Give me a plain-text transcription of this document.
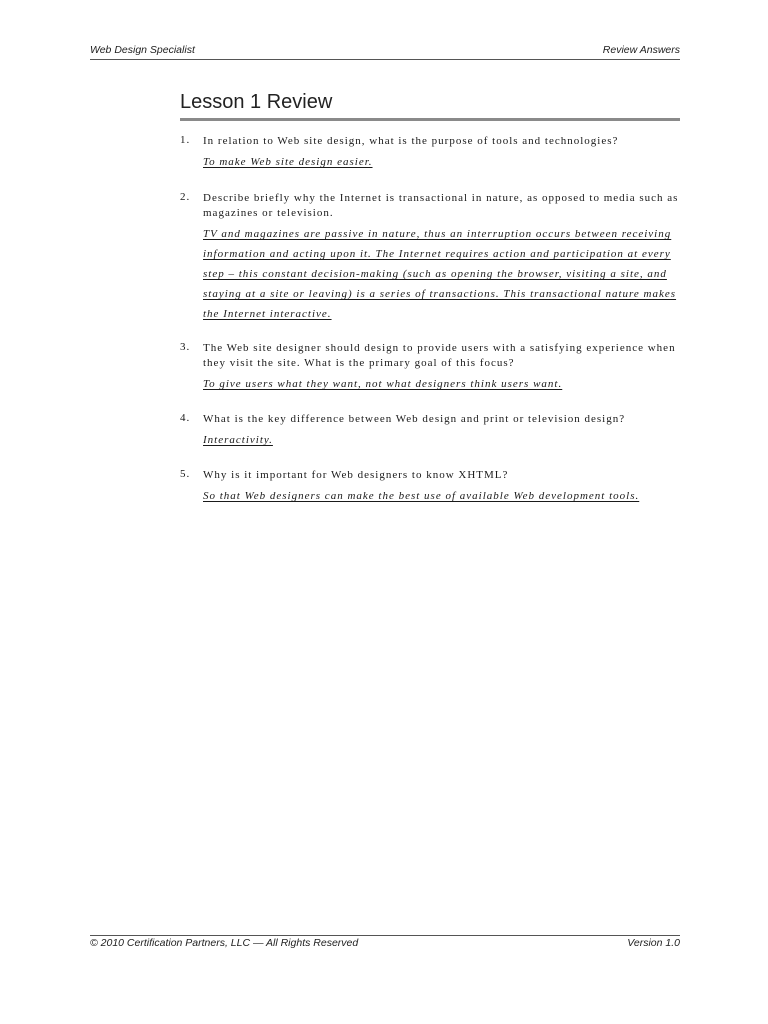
Web Design Specialist	Review Answers
Lesson 1 Review
1. In relation to Web site design, what is the purpose of tools and technologies?
To make Web site design easier.
2. Describe briefly why the Internet is transactional in nature, as opposed to media such as magazines or television.
TV and magazines are passive in nature, thus an interruption occurs between receiving information and acting upon it. The Internet requires action and participation at every step – this constant decision-making (such as opening the browser, visiting a site, and staying at a site or leaving) is a series of transactions. This transactional nature makes the Internet interactive.
3. The Web site designer should design to provide users with a satisfying experience when they visit the site. What is the primary goal of this focus?
To give users what they want, not what designers think users want.
4. What is the key difference between Web design and print or television design?
Interactivity.
5. Why is it important for Web designers to know XHTML?
So that Web designers can make the best use of available Web development tools.
© 2010 Certification Partners, LLC — All Rights Reserved	Version 1.0
